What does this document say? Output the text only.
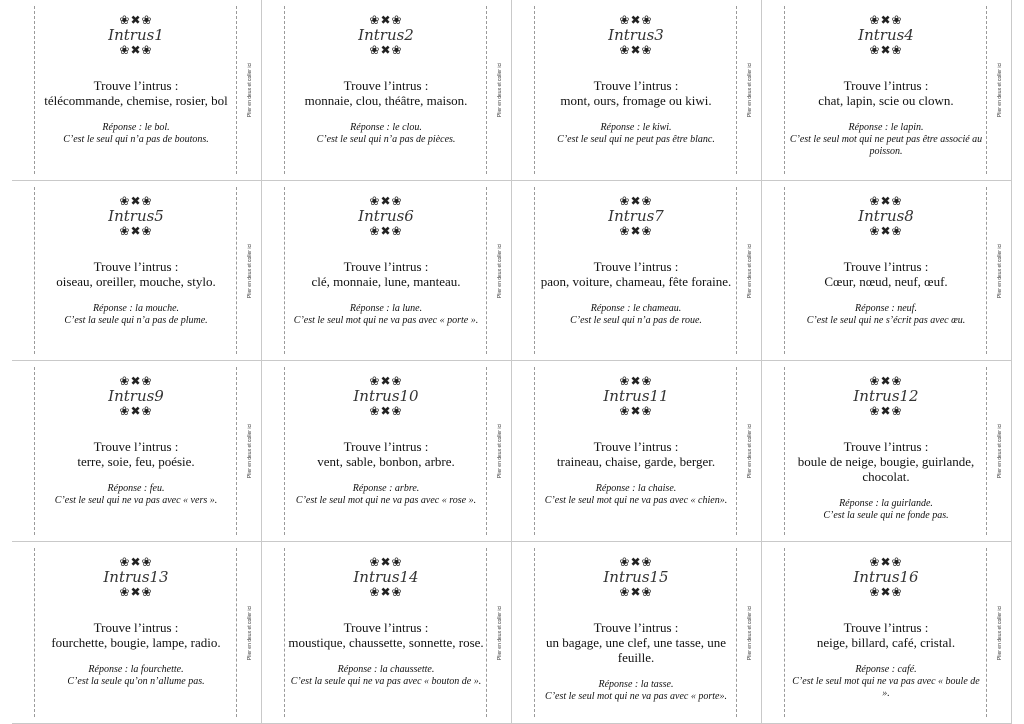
Plier en deux et coller ici
❀✖❀
Intrus1
❀✖❀
Trouve l’intrus :
télécommande, chemise, rosier, bol
Réponse : le bol.
C’est le seul qui n’a pas de boutons.
Plier en deux et coller ici
❀✖❀
Intrus2
❀✖❀
Trouve l’intrus :
monnaie, clou, théâtre, maison.
Réponse : le clou.
C’est le seul qui n’a pas de pièces.
Plier en deux et coller ici
❀✖❀
Intrus3
❀✖❀
Trouve l’intrus :
mont, ours, fromage ou kiwi.
Réponse : le kiwi.
C’est le seul qui ne peut pas être blanc.
Plier en deux et coller ici
❀✖❀
Intrus4
❀✖❀
Trouve l’intrus :
chat, lapin, scie ou clown.
Réponse : le lapin.
C’est le seul mot qui ne peut pas être associé au poisson.
Plier en deux et coller ici
❀✖❀
Intrus5
❀✖❀
Trouve l’intrus :
oiseau, oreiller, mouche, stylo.
Réponse : la mouche.
C’est la seule qui n’a pas de plume.
Plier en deux et coller ici
❀✖❀
Intrus6
❀✖❀
Trouve l’intrus :
clé, monnaie, lune, manteau.
Réponse : la lune.
C’est le seul mot qui ne va pas avec « porte ».
Plier en deux et coller ici
❀✖❀
Intrus7
❀✖❀
Trouve l’intrus :
paon, voiture, chameau, fête foraine.
Réponse : le chameau.
C’est le seul qui n’a pas de roue.
Plier en deux et coller ici
❀✖❀
Intrus8
❀✖❀
Trouve l’intrus :
Cœur, nœud, neuf, œuf.
Réponse : neuf.
C’est le seul qui ne s’écrit pas avec œu.
Plier en deux et coller ici
❀✖❀
Intrus9
❀✖❀
Trouve l’intrus :
terre, soie, feu, poésie.
Réponse : feu.
C’est le seul qui ne va pas avec « vers ».
Plier en deux et coller ici
❀✖❀
Intrus10
❀✖❀
Trouve l’intrus :
vent, sable, bonbon, arbre.
Réponse : arbre.
C’est le seul mot qui ne va pas avec « rose ».
Plier en deux et coller ici
❀✖❀
Intrus11
❀✖❀
Trouve l’intrus :
traineau, chaise, garde, berger.
Réponse : la chaise.
C’est le seul mot qui ne va pas avec « chien».
Plier en deux et coller ici
❀✖❀
Intrus12
❀✖❀
Trouve l’intrus :
boule de neige, bougie, guirlande, chocolat.
Réponse : la guirlande.
C’est la seule qui ne fonde pas.
Plier en deux et coller ici
❀✖❀
Intrus13
❀✖❀
Trouve l’intrus :
fourchette, bougie, lampe, radio.
Réponse : la fourchette.
C’est la seule qu’on n’allume pas.
Plier en deux et coller ici
❀✖❀
Intrus14
❀✖❀
Trouve l’intrus :
moustique, chaussette, sonnette, rose.
Réponse : la chaussette.
C’est la seule qui ne va pas avec « bouton de ».
Plier en deux et coller ici
❀✖❀
Intrus15
❀✖❀
Trouve l’intrus :
un bagage, une clef, une tasse, une feuille.
Réponse : la tasse.
C’est le seul mot qui ne va pas avec « porte».
Plier en deux et coller ici
❀✖❀
Intrus16
❀✖❀
Trouve l’intrus :
neige, billard, café, cristal.
Réponse : café.
C’est le seul mot qui ne va pas avec « boule de ».
